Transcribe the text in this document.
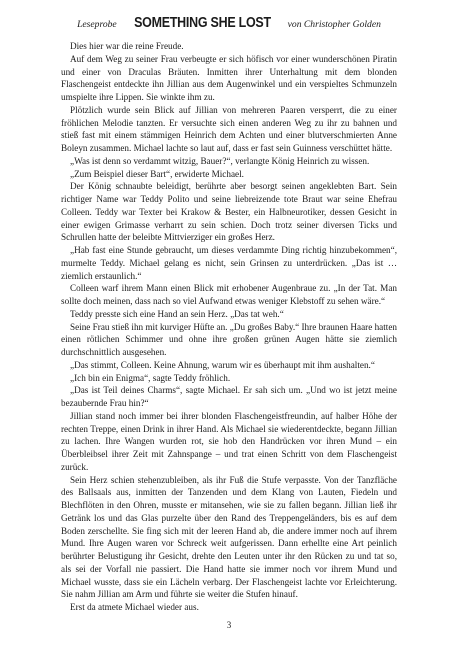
Leseprobe SOMETHING SHE LOST von Christopher Golden

Dies hier war die reine Freude.

Auf dem Weg zu seiner Frau verbeugte er sich höfisch vor einer wunderschönen Piratin und einer von Draculas Bräuten. Inmitten ihrer Unterhaltung mit dem blonden Flaschengeist entdeckte ihn Jillian aus dem Augenwinkel und ein verspieltes Schmunzeln umspielte ihre Lippen. Sie winkte ihm zu.

Plötzlich wurde sein Blick auf Jillian von mehreren Paaren versperrt, die zu einer fröhlichen Melodie tanzten. Er versuchte sich einen anderen Weg zu ihr zu bahnen und stieß fast mit einem stämmigen Heinrich dem Achten und einer blutverschmierten Anne Boleyn zusammen. Michael lachte so laut auf, dass er fast sein Guinness verschüttet hätte.

„Was ist denn so verdammt witzig, Bauer?“, verlangte König Heinrich zu wissen.

„Zum Beispiel dieser Bart“, erwiderte Michael.

Der König schnaubte beleidigt, berührte aber besorgt seinen angeklebten Bart. Sein richtiger Name war Teddy Polito und seine liebreizende tote Braut war seine Ehefrau Colleen. Teddy war Texter bei Krakow & Bester, ein Halbneurotiker, dessen Gesicht in einer ewigen Grimasse verharrt zu sein schien. Doch trotz seiner diversen Ticks und Schrullen hatte der beleibte Mittvierziger ein großes Herz.

„Hab fast eine Stunde gebraucht, um dieses verdammte Ding richtig hinzubekommen“, murmelte Teddy. Michael gelang es nicht, sein Grinsen zu unterdrücken. „Das ist … ziemlich erstaunlich.“

Colleen warf ihrem Mann einen Blick mit erhobener Augenbraue zu. „In der Tat. Man sollte doch meinen, dass nach so viel Aufwand etwas weniger Klebstoff zu sehen wäre.“

Teddy presste sich eine Hand an sein Herz. „Das tat weh.“

Seine Frau stieß ihn mit kurviger Hüfte an. „Du großes Baby.“ Ihre braunen Haare hatten einen rötlichen Schimmer und ohne ihre großen grünen Augen hätte sie ziemlich durchschnittlich ausgesehen.

„Das stimmt, Colleen. Keine Ahnung, warum wir es überhaupt mit ihm aushalten.“

„Ich bin ein Enigma“, sagte Teddy fröhlich.

„Das ist Teil deines Charms“, sagte Michael. Er sah sich um. „Und wo ist jetzt meine bezaubernde Frau hin?“

Jillian stand noch immer bei ihrer blonden Flaschengeistfreundin, auf halber Höhe der rechten Treppe, einen Drink in ihrer Hand. Als Michael sie wiederentdeckte, begann Jillian zu lachen. Ihre Wangen wurden rot, sie hob den Handrücken vor ihren Mund – ein Überbleibsel ihrer Zeit mit Zahnspange – und trat einen Schritt von dem Flaschengeist zurück.

Sein Herz schien stehenzubleiben, als ihr Fuß die Stufe verpasste. Von der Tanzfläche des Ballsaals aus, inmitten der Tanzenden und dem Klang von Lauten, Fiedeln und Blechflöten in den Ohren, musste er mitansehen, wie sie zu fallen begann. Jillian ließ ihr Getränk los und das Glas purzelte über den Rand des Treppengeländers, bis es auf dem Boden zerschellte. Sie fing sich mit der leeren Hand ab, die andere immer noch auf ihrem Mund. Ihre Augen waren vor Schreck weit aufgerissen. Dann erhellte eine Art peinlich berührter Belustigung ihr Gesicht, drehte den Leuten unter ihr den Rücken zu und tat so, als sei der Vorfall nie passiert. Die Hand hatte sie immer noch vor ihrem Mund und Michael wusste, dass sie ein Lächeln verbarg. Der Flaschengeist lachte vor Erleichterung. Sie nahm Jillian am Arm und führte sie weiter die Stufen hinauf.

Erst da atmete Michael wieder aus.

3
